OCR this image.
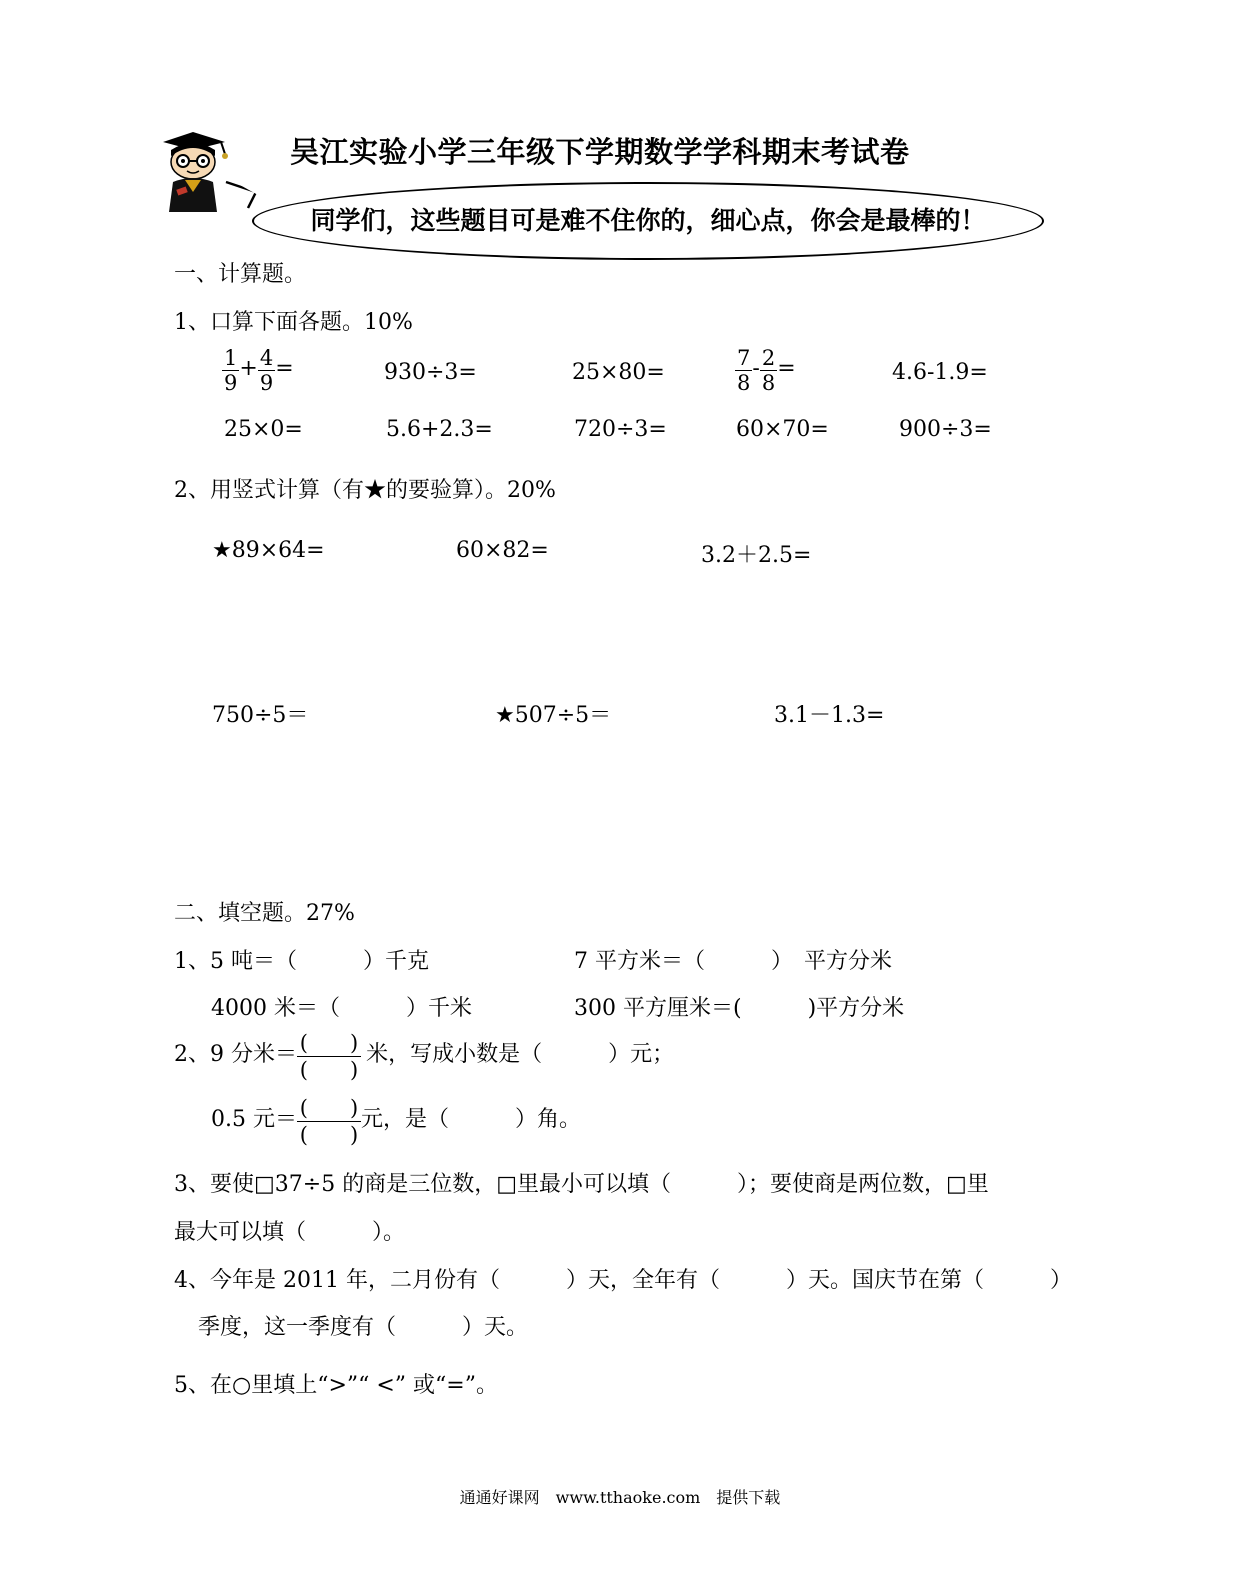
吴江实验小学三年级下学期数学学科期末考试卷
同学们，这些题目可是难不住你的，细心点，你会是最棒的！
一、计算题。
1、口算下面各题。10%
$\frac{1}{9} + \frac{4}{9}$ =	930÷3=	25×80=	$\frac{7}{8} - \frac{2}{8}$ =	4.6-1.9=
25×0=	5.6+2.3=	720÷3=	60×70=	900÷3=
2、用竖式计算（有★的要验算）。20%
★89×64=	60×82=	3.2＋2.5=
750÷5＝	★507÷5＝	3.1－1.3=
二、填空题。27%
1、5 吨＝（　　　）千克	7 平方米＝（　　　）　平方分米
4000 米＝（　　　）千米	300 平方厘米＝(　　　)平方分米
2、9 分米＝ (　　)
(　　)
米，写成小数是（　　　）元；
0.5 元＝ (　　)
(　　)
元，是（　　　）角。
3、要使□37÷5 的商是三位数，□里最小可以填（　　　）；要使商是两位数，□里
最大可以填（　　　）。
4、今年是 2011 年，二月份有（　　　）天，全年有（　　　）天。国庆节在第（　　　）
季度，这一季度有（　　　）天。
5、在○里填上“>”“ <” 或“=”。
通通好课网　www.tthaoke.com　提供下载
